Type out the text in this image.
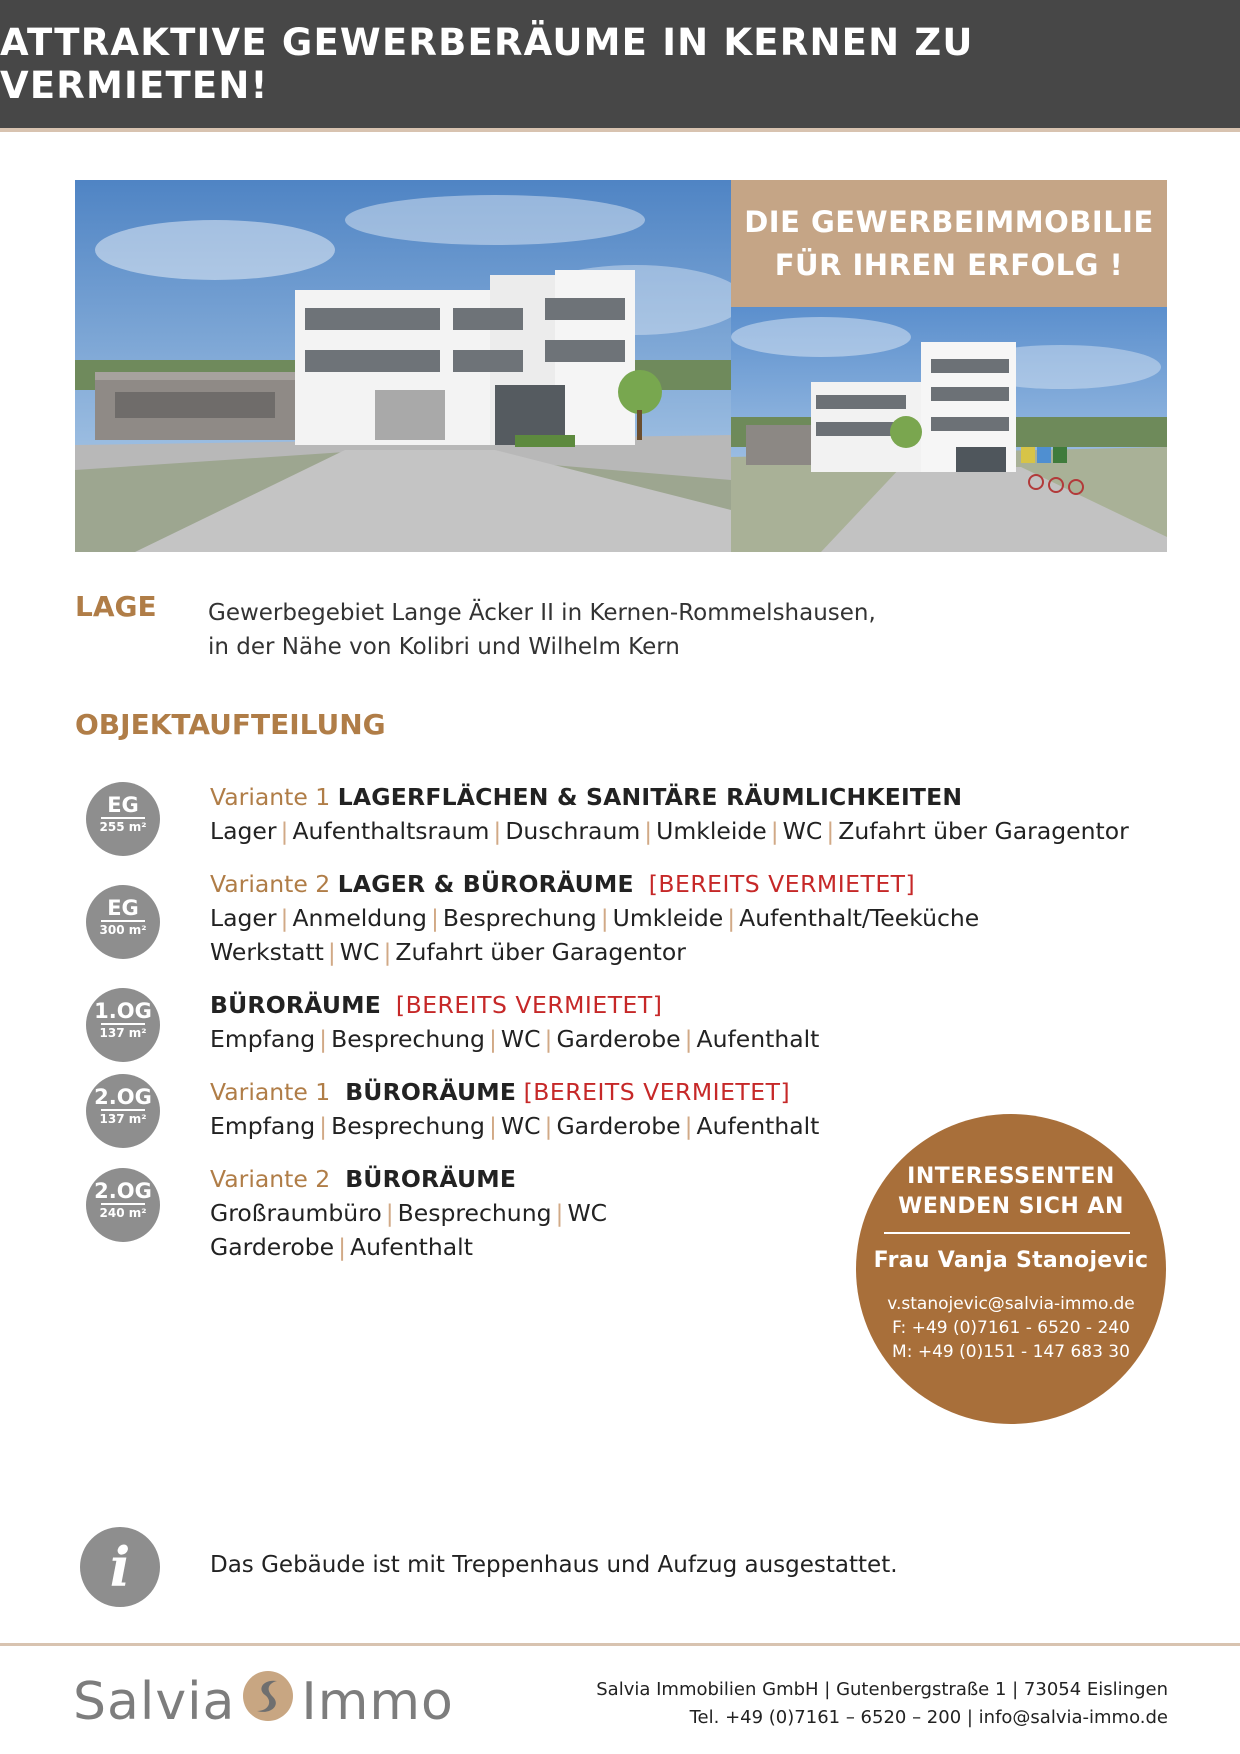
ATTRAKTIVE GEWERBERÄUME IN KERNEN ZU VERMIETEN!
DIE GEWERBEIMMOBILIE
FÜR IHREN ERFOLG !
LAGE Gewerbegebiet Lange Äcker II in Kernen-Rommelshausen,
in der Nähe von Kolibri und Wilhelm Kern
OBJEKTAUFTEILUNG
EG
255 m²
EG
300 m²
1.OG
137 m²
2.OG
137 m²
2.OG
240 m²
Variante 1 LAGERFLÄCHEN & SANITÄRE RÄUMLICHKEITEN
Lager | Aufenthaltsraum | Duschraum | Umkleide | WC | Zufahrt über Garagentor
Variante 2 LAGER & BÜRORÄUME [BEREITS VERMIETET]
Lager | Anmeldung | Besprechung | Umkleide | Aufenthalt/Teeküche
Werkstatt | WC | Zufahrt über Garagentor
BÜRORÄUME [BEREITS VERMIETET]
Empfang | Besprechung | WC | Garderobe | Aufenthalt
Variante 1 BÜRORÄUME [BEREITS VERMIETET]
Empfang | Besprechung | WC | Garderobe | Aufenthalt
Variante 2 BÜRORÄUME
Großraumbüro | Besprechung | WC
Garderobe | Aufenthalt
INTERESSENTEN
WENDEN SICH AN
Frau Vanja Stanojevic
v.stanojevic@salvia-immo.de
F: +49 (0)7161 - 6520 - 240
M: +49 (0)151 - 147 683 30
i	Das Gebäude ist mit Treppenhaus und Aufzug ausgestattet.
Salvia Immo	Salvia Immobilien GmbH | Gutenbergstraße 1 | 73054 Eislingen
Tel. +49 (0)7161 – 6520 – 200 | info@salvia-immo.de
